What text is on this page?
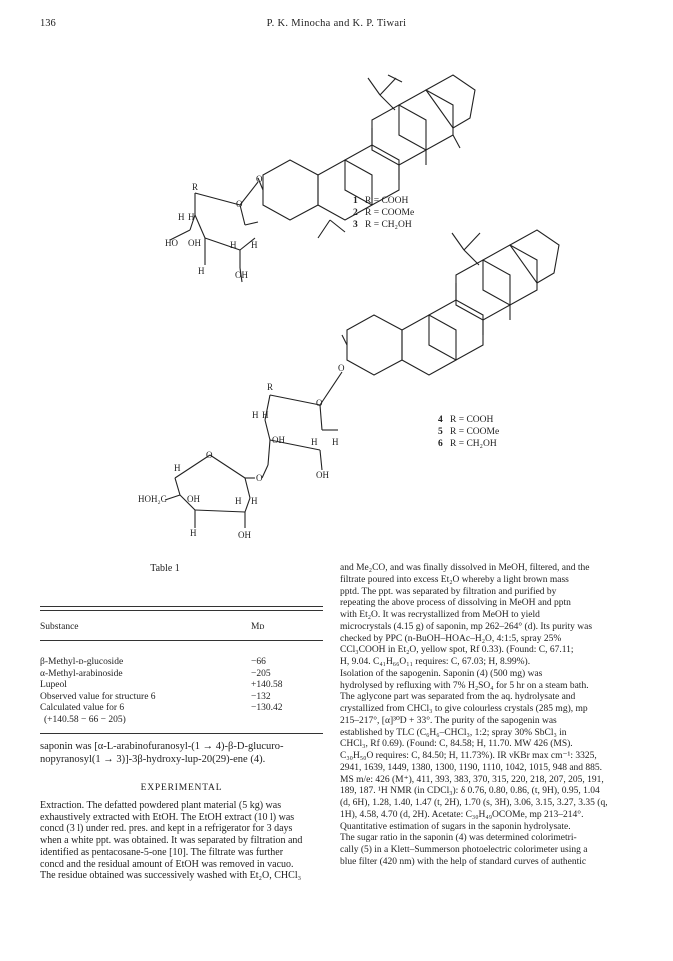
136	P. K. Minocha and K. P. Tiwari
R
O
O
H H
HO OH	H H
H	OH
1 R = COOH
2 R = COOMe
3 R = CH₂OH
R
O
O
H H
OH	H H
OH
O
O
H
HOH₂C OH	H H
H	OH
4 R = COOH
5 R = COOMe
6 R = CH₂OH
Table 1
Substance	Mᴅ
β-Methyl-ᴅ-glucoside	−66
α-Methyl-arabinoside	−205
Lupeol	+140.58
Observed value for structure 6	−132
Calculated value for 6	−130.42
(+140.58 − 66 − 205)
saponin was [α-L-arabinofuranosyl-(1 → 4)-β-D-glucuro-
nopyranosyl(1 → 3)]-3β-hydroxy-lup-20(29)-ene (4).
EXPERIMENTAL
Extraction. The defatted powdered plant material (5 kg) was
exhaustively extracted with EtOH. The EtOH extract (10 l) was
concd (3 l) under red. pres. and kept in a refrigerator for 3 days
when a white ppt. was obtained. It was separated by filtration and
identified as pentacosane-5-one [10]. The filtrate was further
concd and the residual amount of EtOH was removed in vacuo.
The residue obtained was successively washed with Et₂O, CHCl₃
and Me₂CO, and was finally dissolved in MeOH, filtered, and the
filtrate poured into excess Et₂O whereby a light brown mass
pptd. The ppt. was separated by filtration and purified by
repeating the above process of dissolving in MeOH and pptn
with Et₂O. It was recrystallized from MeOH to yield
microcrystals (4.15 g) of saponin, mp 262–264° (d). Its purity was
checked by PPC (n-BuOH–HOAc–H₂O, 4:1:5, spray 25%
CCl₃COOH in Et₂O, yellow spot, Rf 0.33). (Found: C, 67.11;
H, 9.04. C₄₁H₆₆O₁₁ requires: C, 67.03; H, 8.99%).
Isolation of the sapogenin. Saponin (4) (500 mg) was
hydrolysed by refluxing with 7% H₂SO₄ for 5 hr on a steam bath.
The aglycone part was separated from the aq. hydrolysate and
crystallized from CHCl₃ to give colourless crystals (285 mg), mp
215–217°, [α]³⁰D + 33°. The purity of the sapogenin was
established by TLC (C₆H₆–CHCl₃, 1:2; spray 30% SbCl₃ in
CHCl₃, Rf 0.69). (Found: C, 84.58; H, 11.70. MW 426 (MS).
C₃₀H₅₀O requires: C, 84.50; H, 11.73%). IR νKBr max cm⁻¹: 3325,
2941, 1639, 1449, 1380, 1300, 1190, 1110, 1042, 1015, 948 and 885.
MS m/e: 426 (M⁺), 411, 393, 383, 370, 315, 220, 218, 207, 205, 191,
189, 187. ¹H NMR (in CDCl₃): δ 0.76, 0.80, 0.86, (t, 9H), 0.95, 1.04
(d, 6H), 1.28, 1.40, 1.47 (t, 2H), 1.70 (s, 3H), 3.06, 3.15, 3.27, 3.35 (q,
1H), 4.58, 4.70 (d, 2H). Acetate: C₃₀H₄₉OCOMe, mp 213–214°.
Quantitative estimation of sugars in the saponin hydrolysate.
The sugar ratio in the saponin (4) was determined colorimetri-
cally (5) in a Klett–Summerson photoelectric colorimeter using a
blue filter (420 nm) with the help of standard curves of authentic
